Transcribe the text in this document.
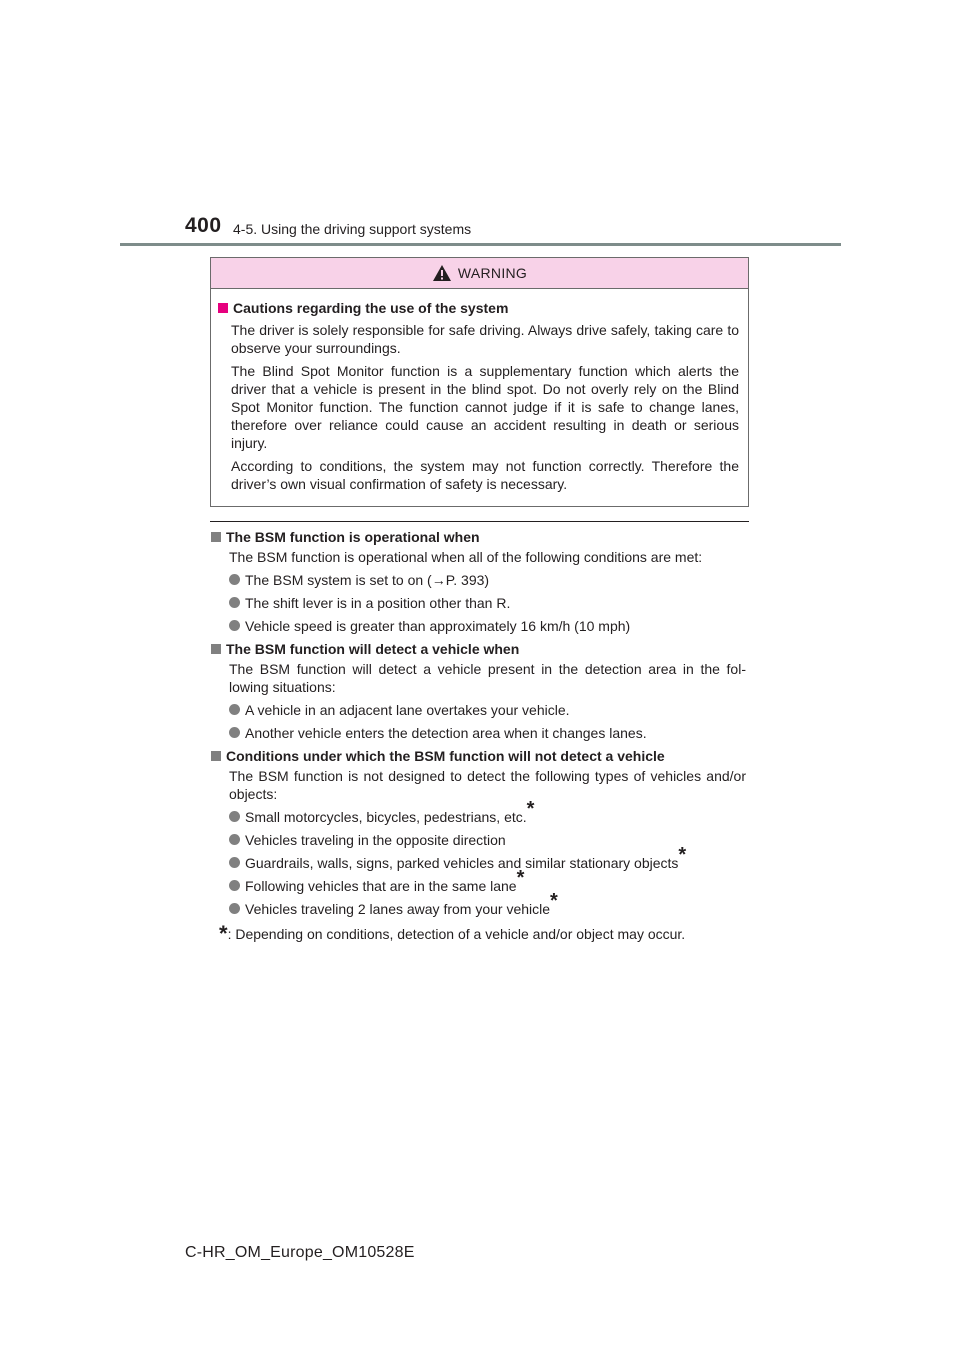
400 4-5. Using the driving support systems
WARNING
Cautions regarding the use of the system
The driver is solely responsible for safe driving. Always drive safely, taking care to observe your surroundings.
The Blind Spot Monitor function is a supplementary function which alerts the driver that a vehicle is present in the blind spot. Do not overly rely on the Blind Spot Monitor function. The function cannot judge if it is safe to change lanes, therefore over reliance could cause an accident resulting in death or serious injury.
According to conditions, the system may not function correctly. Therefore the driver’s own visual confirmation of safety is necessary.
The BSM function is operational when
The BSM function is operational when all of the following conditions are met:
The BSM system is set to on (→P. 393)
The shift lever is in a position other than R.
Vehicle speed is greater than approximately 16 km/h (10 mph)
The BSM function will detect a vehicle when
The BSM function will detect a vehicle present in the detection area in the fol-lowing situations:
A vehicle in an adjacent lane overtakes your vehicle.
Another vehicle enters the detection area when it changes lanes.
Conditions under which the BSM function will not detect a vehicle
The BSM function is not designed to detect the following types of vehicles and/or objects:
Small motorcycles, bicycles, pedestrians, etc.*
Vehicles traveling in the opposite direction
Guardrails, walls, signs, parked vehicles and similar stationary objects*
Following vehicles that are in the same lane*
Vehicles traveling 2 lanes away from your vehicle*
*: Depending on conditions, detection of a vehicle and/or object may occur.
C-HR_OM_Europe_OM10528E
